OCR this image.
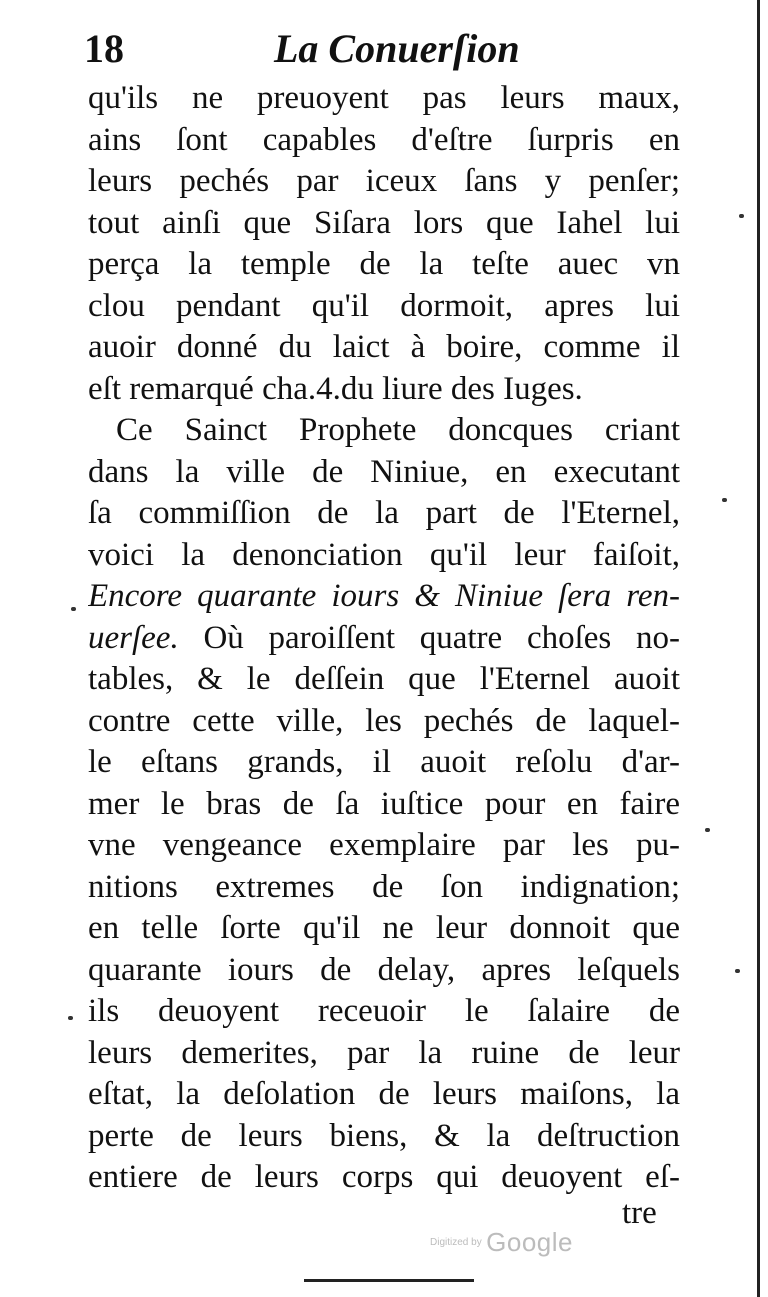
18	La Conuerſion
qu'ils ne preuoyent pas leurs maux,
ains ſont capables d'eſtre ſurpris en
leurs pechés par iceux ſans y penſer;
tout ainſi que Siſara lors que Iahel lui
perça la temple de la teſte auec vn
clou pendant qu'il dormoit, apres lui
auoir donné du laict à boire, comme il
eſt remarqué cha.4.du liure des Iuges.
Ce Sainct Prophete doncques criant
dans la ville de Niniue, en executant
ſa commiſſion de la part de l'Eternel,
voici la denonciation qu'il leur faiſoit,
Encore quarante iours & Niniue ſera ren-
uerſee. Où paroiſſent quatre choſes no-
tables, & le deſſein que l'Eternel auoit
contre cette ville, les pechés de laquel-
le eſtans grands, il auoit reſolu d'ar-
mer le bras de ſa iuſtice pour en faire
vne vengeance exemplaire par les pu-
nitions extremes de ſon indignation;
en telle ſorte qu'il ne leur donnoit que
quarante iours de delay, apres leſquels
ils deuoyent receuoir le ſalaire de
leurs demerites, par la ruine de leur
eſtat, la deſolation de leurs maiſons, la
perte de leurs biens, & la deſtruction
entiere de leurs corps qui deuoyent eſ-
tre
Digitized by Google
